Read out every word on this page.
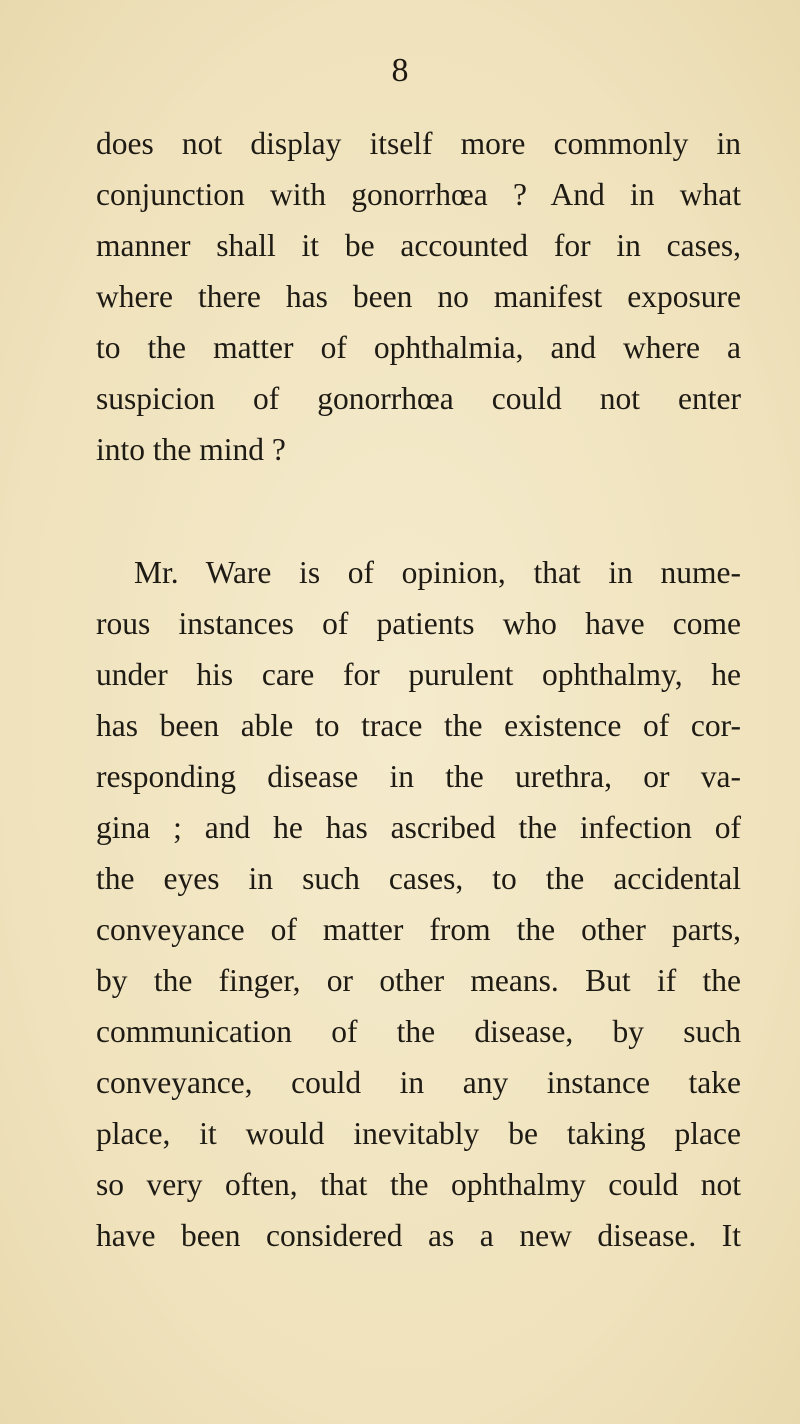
8
does not display itself more commonly in
conjunction with gonorrhœa ? And in what
manner shall it be accounted for in cases,
where there has been no manifest exposure
to the matter of ophthalmia, and where a
suspicion of gonorrhœa could not enter
into the mind ?
Mr. Ware is of opinion, that in nume-
rous instances of patients who have come
under his care for purulent ophthalmy, he
has been able to trace the existence of cor-
responding disease in the urethra, or va-
gina ; and he has ascribed the infection of
the eyes in such cases, to the accidental
conveyance of matter from the other parts,
by the finger, or other means. But if the
communication of the disease, by such
conveyance, could in any instance take
place, it would inevitably be taking place
so very often, that the ophthalmy could not
have been considered as a new disease. It
